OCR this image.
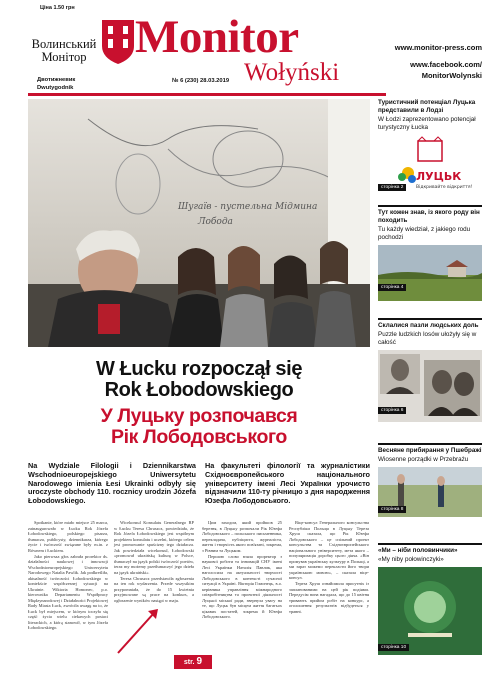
Ціна 1.50 грн
Волинський
Монітор
Двотижневик
Dwutygodnik
Monitor
Wołyński
№ 6 (230) 28.03.2019
www.monitor-press.com
www.facebook.com/
MonitorWolynski
Шугаїв - пустельна Мідмина
Лобода
W Łucku rozpoczął się
Rok Łobodowskiego
У Луцьку розпочався
Рік Лободовського
Na Wydziale Filologii i Dziennikarstwa Wschodnioeuropejskiego Uniwersytetu Narodowego imienia Łesi Ukrainki odbyły się uroczyste obchody 110. rocznicy urodzin Józefa Łobodowskiego.
На факультеті філології та журналістики Східноєвропейського національного університету імені Лесі Українки урочисто відзначили 110-ту річницю з дня народження Юзефа Лободовського.

Spotkanie, które miało miejsce 25 marca, zainaugurowało w Łucku Rok Józefa Łobodowskiego, polskiego pisarza, tłumacza, publicysty, dziennikarza, którego życie i twórczość związane były m.in. z Równem i Łuckiem.

Jako pierwsza głos zabrała prorektor ds. działalności naukowej i innowacji Wschodnioeuropejskiego Uniwersytetu Narodowego Natalia Pawlik. Jak podkreśliła, aktualność twórczości Łobodowskiego w kontekście współczesnej sytuacji na Ukrainie. Wiktoria Homonec, p.o. kierownika Departamentu Współpracy Międzynarodowej i Działalności Projektowej Rady Miasta Łuck, zwróciła uwagę na to, że Łuck był miejscem, w którym toczyła się część życia wielu ciekawych postaci literackich, a którą stanowił, w tym Józefa Łobodowskiego.

Wicekonsul Konsulatu Generalnego RP w Łucku Teresa Chruszcz, powiedziała, że Rok Józefa Łobodowskiego jest wspólnym projektem konsulatu i uczelni, którego celem jest promowanie spuścizny tego działacza. Jak powiedziała wicekonsul, Łobodowski »promował ukraińską kulturę w Polsce, tłumaczył na język polski twórczość poetów, teraz my możemy przetłumaczyć jego dzieła na język ukraiński«.

Teresa Chruszcz przedstawiła zgłoszenia na ten rok wydarzenia. Przede wszystkim przypomniała, że do 15 kwietnia przyjmowane są prace na konkurs, a ogłoszenie wyników nastąpi w maju.

Цим заходом, який пройшов 25 березня, в Луцьку розпочали Рік Юзефа Лободовського – польського письменника, перекладача, публіциста, журналіста, життя і творчість якого пов'язані, зокрема, з Рівним та Луцьком.

Першою слово взяла проректор з наукової роботи та інновацій СНУ імені Лесі Українки Наталія Павлик, яка наголосила на актуальності творчості Лободовського в контексті сучасної ситуації в Україні. Вікторія Гомонець, в.о. керівника управління міжнародного співробітництва та проектної діяльності Луцької міської ради, звернула увагу на те, що Луцьк був місцем життя багатьох цікавих постатей, зокрема й Юзефа Лободовського.

Віце-консул Генерального консульства Республіки Польща в Луцьку Тереза Хруш сказала, що Рік Юзефа Лободовського – це спільний проект консульства та Східноєвропейського національного університету, мета якого – популяризація доробку цього діяча. «Він промував українську культуру в Польщі, а ми зараз можемо перекласти його твори українською мовою», – сказала віце-консул.

Тереза Хруш ознайомила присутніх із запланованими на цей рік подіями. Передусім вона нагадала, що до 15 квітня тривають прийом робіт на конкурс, а оголошення результатів відбудеться у травні.

str. 9
Туристичний потенціал Луцька представили в Лодзі
W Łodzi zaprezentowano potencjał turystyczny Łucka
ЛУЦЬК
Відкривайте відкриття!
сторінка 2
Тут кожен знав, із якого роду він походить
Tu każdy wiedział, z jakiego rodu pochodzi
сторінка 4
Склалися пазли людських доль
Puzzle ludzkich losów ułożyły się w całość
сторінка 6
Весняне прибирання у Пшебражі
Wiosenne porządki w Przebrażu
сторінка 8
«Ми – ніби половинчики»
«My niby połowinczyki»
сторінка 10
